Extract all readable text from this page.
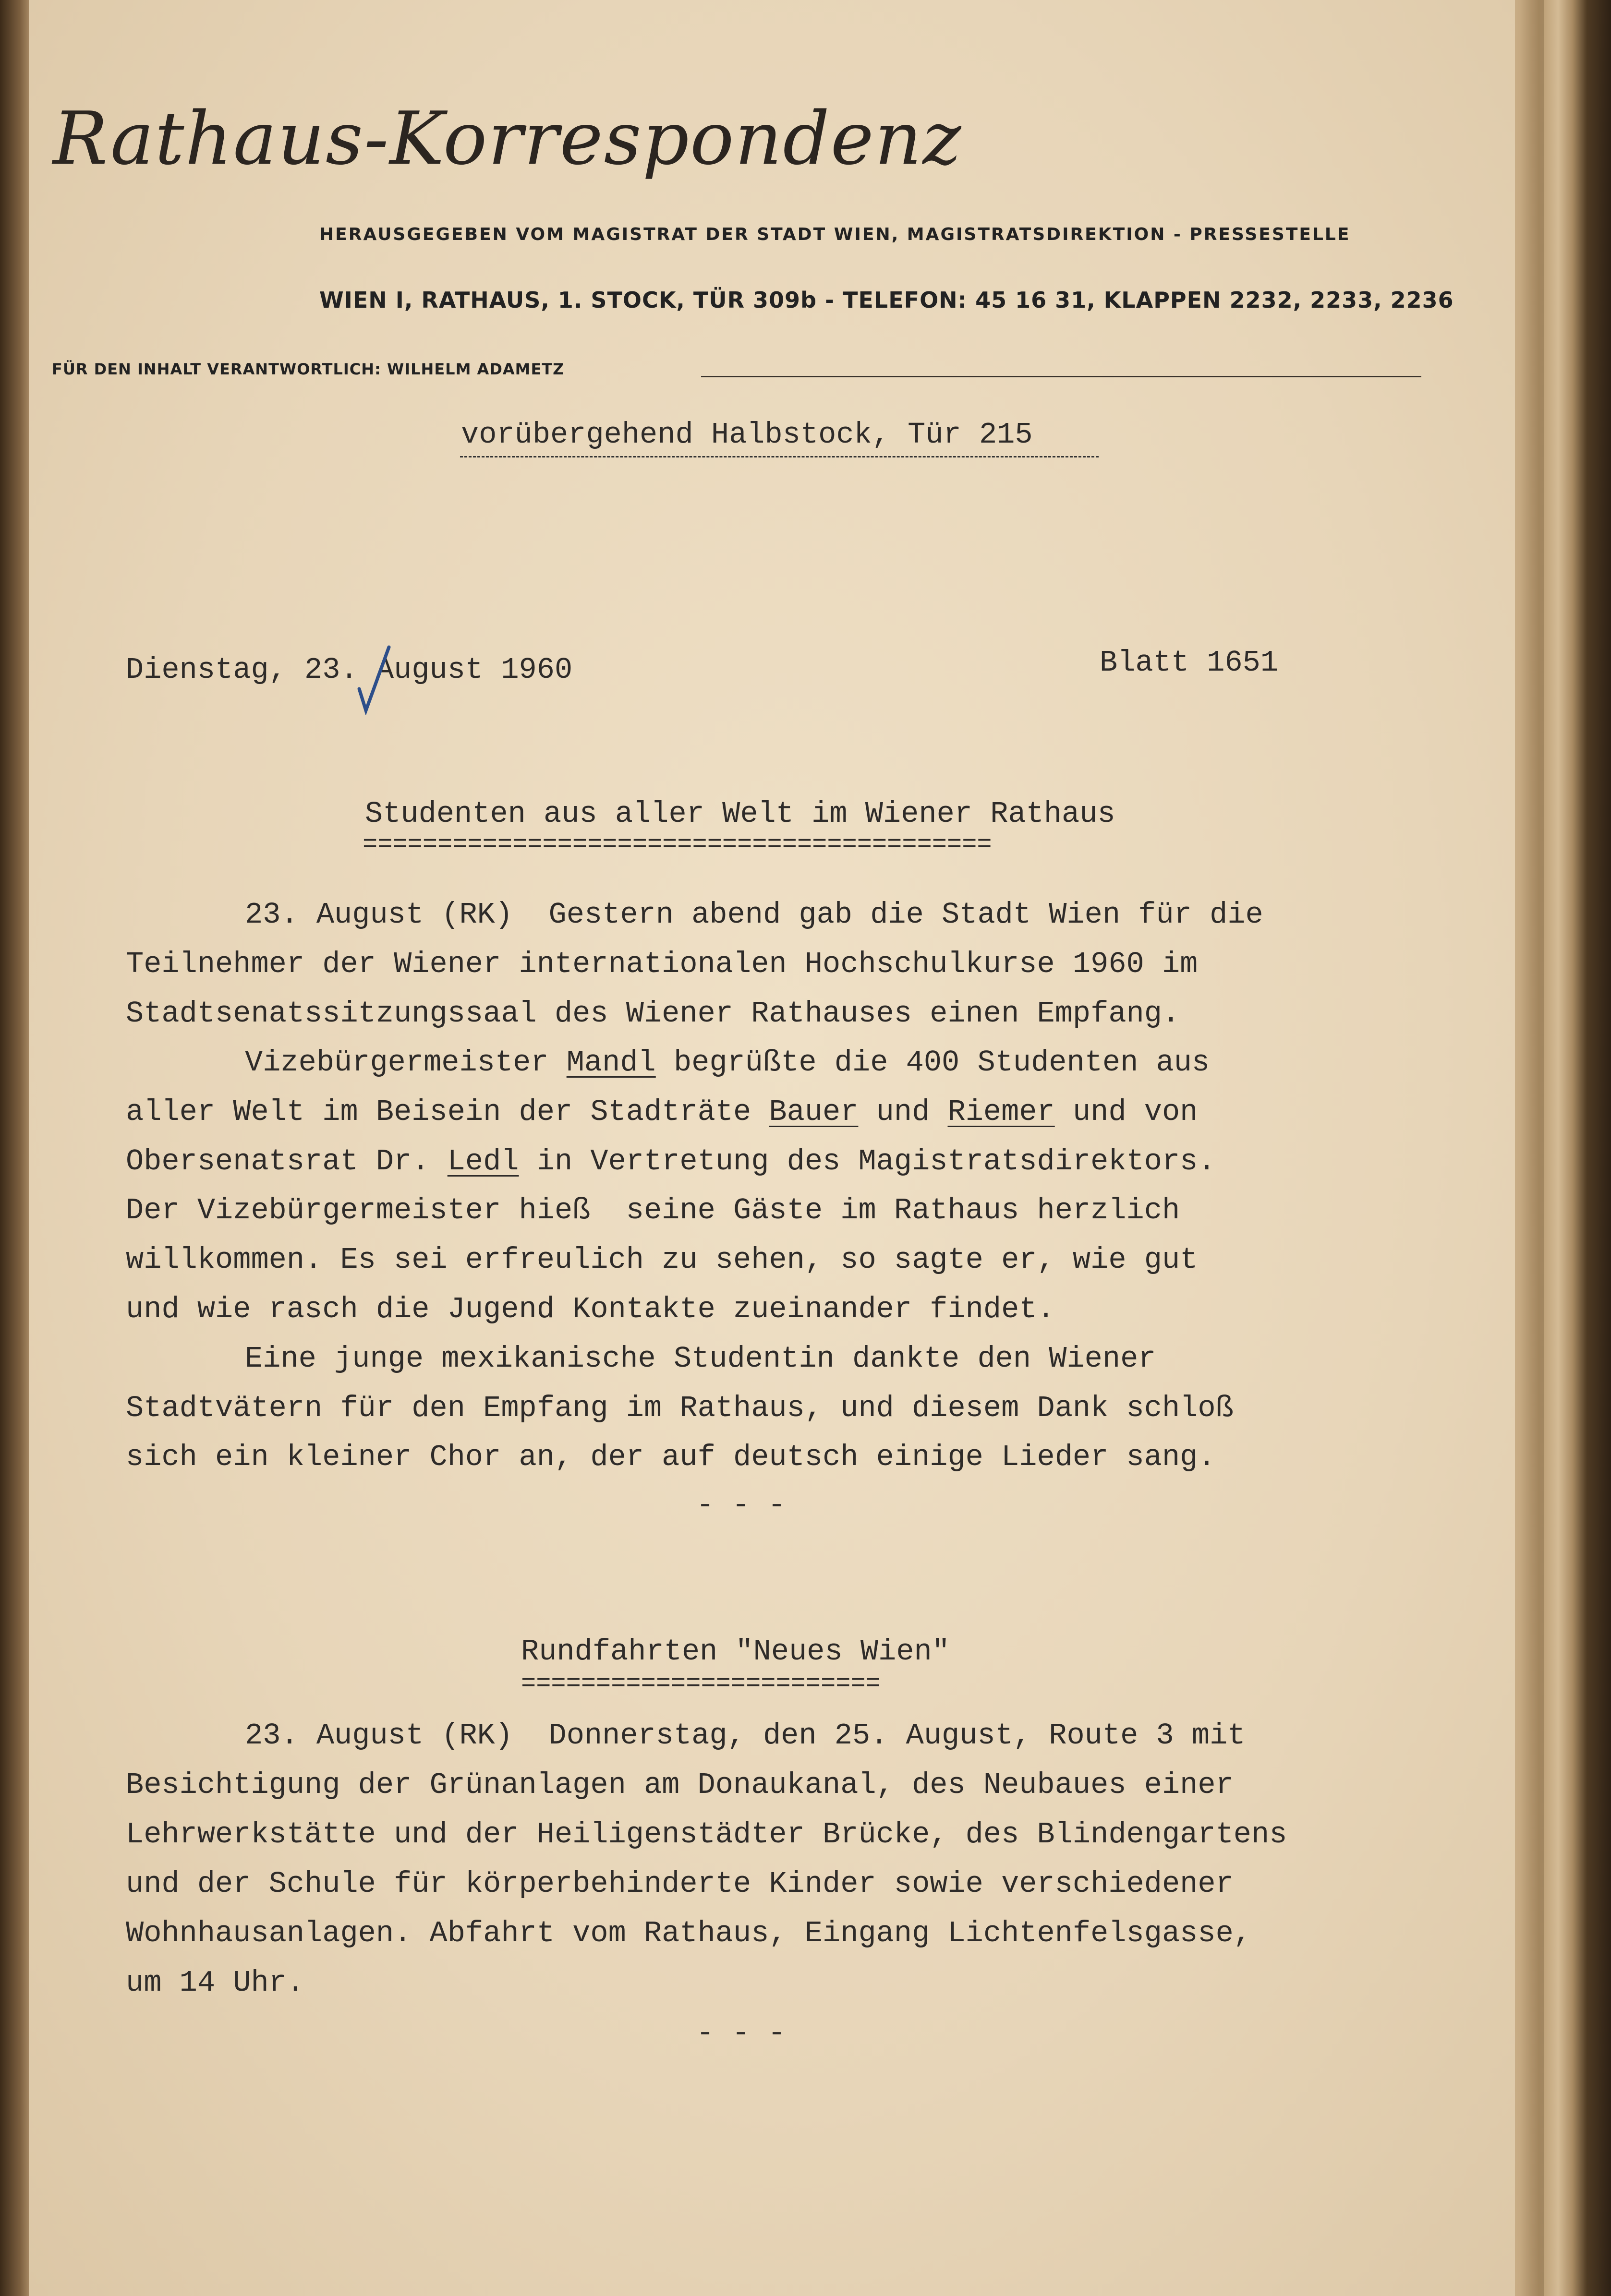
Rathaus-Korrespondenz
HERAUSGEGEBEN VOM MAGISTRAT DER STADT WIEN, MAGISTRATSDIREKTION - PRESSESTELLE
WIEN I, RATHAUS, 1. STOCK, TÜR 309b - TELEFON: 45 16 31, KLAPPEN 2232, 2233, 2236
FÜR DEN INHALT VERANTWORTLICH: WILHELM ADAMETZ
vorübergehend Halbstock, Tür 215
Dienstag, 23. August 1960	Blatt 1651
Studenten aus aller Welt im Wiener Rathaus
==========================================
23. August (RK)  Gestern abend gab die Stadt Wien für die
Teilnehmer der Wiener internationalen Hochschulkurse 1960 im
Stadtsenatssitzungssaal des Wiener Rathauses einen Empfang.
Vizebürgermeister Mandl begrüßte die 400 Studenten aus
aller Welt im Beisein der Stadträte Bauer und Riemer und von
Obersenatsrat Dr. Ledl in Vertretung des Magistratsdirektors.
Der Vizebürgermeister hieß  seine Gäste im Rathaus herzlich
willkommen. Es sei erfreulich zu sehen, so sagte er, wie gut
und wie rasch die Jugend Kontakte zueinander findet.
Eine junge mexikanische Studentin dankte den Wiener
Stadtvätern für den Empfang im Rathaus, und diesem Dank schloß
sich ein kleiner Chor an, der auf deutsch einige Lieder sang.
- - -
Rundfahrten "Neues Wien"
========================
23. August (RK)  Donnerstag, den 25. August, Route 3 mit
Besichtigung der Grünanlagen am Donaukanal, des Neubaues einer
Lehrwerkstätte und der Heiligenstädter Brücke, des Blindengartens
und der Schule für körperbehinderte Kinder sowie verschiedener
Wohnhausanlagen. Abfahrt vom Rathaus, Eingang Lichtenfelsgasse,
um 14 Uhr.
- - -
